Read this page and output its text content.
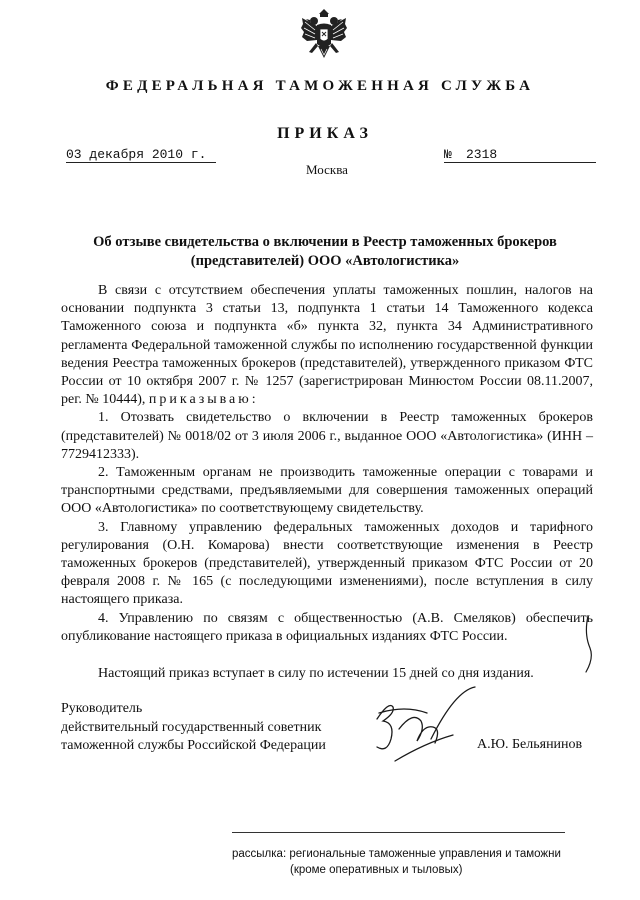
ФЕДЕРАЛЬНАЯ ТАМОЖЕННАЯ СЛУЖБА
ПРИКАЗ
03 декабря 2010 г.	№ 2318
Москва
Об отзыве свидетельства о включении в Реестр таможенных брокеров
(представителей) ООО «Автологистика»

В связи с отсутствием обеспечения уплаты таможенных пошлин, налогов на основании подпункта 3 статьи 13, подпункта 1 статьи 14 Таможенного кодекса Таможенного союза и подпункта «б» пункта 32, пункта 34 Административного регламента Федеральной таможенной службы по исполнению государственной функции ведения Реестра таможенных брокеров (представителей), утвержденного приказом ФТС России от 10 октября 2007 г. № 1257 (зарегистрирован Минюстом России 08.11.2007, рег. № 10444), приказываю:

1. Отозвать свидетельство о включении в Реестр таможенных брокеров (представителей) № 0018/02 от 3 июля 2006 г., выданное ООО «Автологистика» (ИНН – 7729412333).

2. Таможенным органам не производить таможенные операции с товарами и транспортными средствами, предъявляемыми для совершения таможенных операций ООО «Автологистика» по соответствующему свидетельству.

3. Главному управлению федеральных таможенных доходов и тарифного регулирования (О.Н. Комарова) внести соответствующие изменения в Реестр таможенных брокеров (представителей), утвержденный приказом ФТС России от 20 февраля 2008 г. № 165 (с последующими изменениями), после вступления в силу настоящего приказа.

4. Управлению по связям с общественностью (А.В. Смеляков) обеспечить опубликование настоящего приказа в официальных изданиях ФТС России.

Настоящий приказ вступает в силу по истечении 15 дней со дня издания.

Руководитель
действительный государственный советник
таможенной службы Российской Федерации	А.Ю. Бельянинов
рассылка: региональные таможенные управления и таможни
(кроме оперативных и тыловых)
